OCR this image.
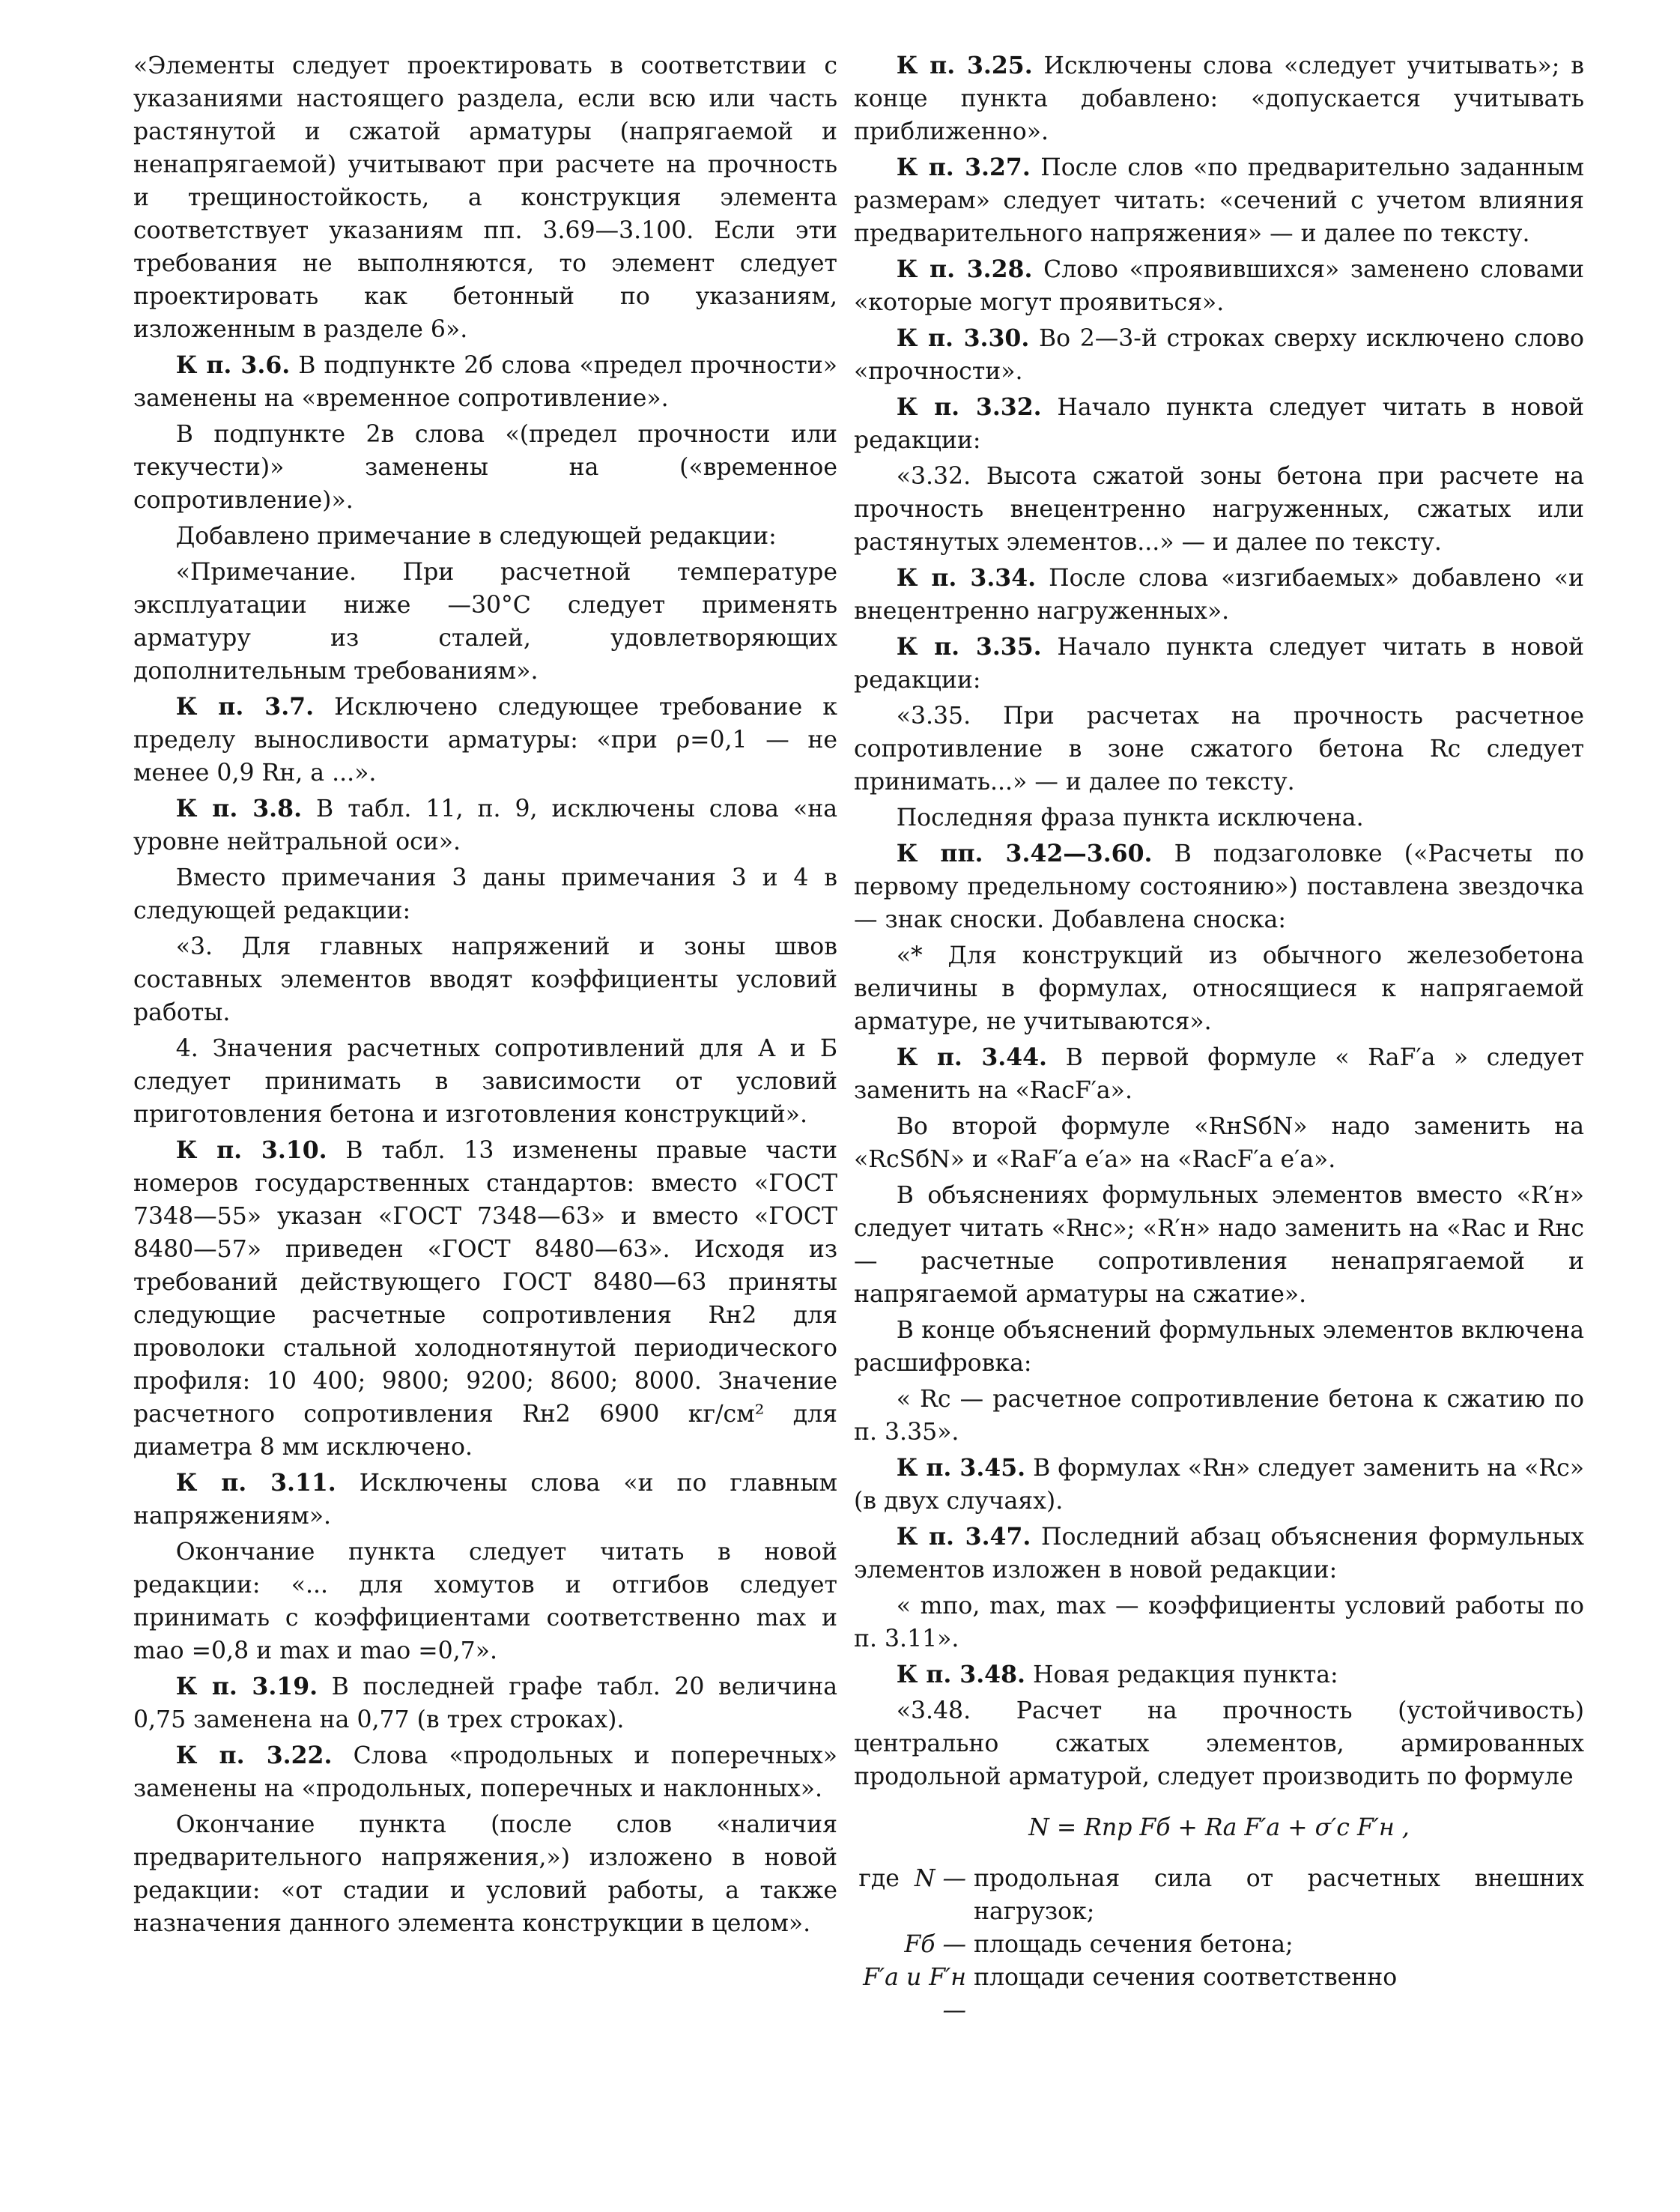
«Элементы следует проектировать в соответствии с указаниями настоящего раздела, если всю или часть растянутой и сжатой арматуры (напрягаемой и ненапрягаемой) учитывают при расчете на прочность и трещиностойкость, а конструкция элемента соответствует указаниям пп. 3.69—3.100. Если эти требования не выполняются, то элемент следует проектировать как бетонный по указаниям, изложенным в разделе 6».

К п. 3.6. В подпункте 2б слова «предел прочности» заменены на «временное сопротивление».

В подпункте 2в слова «(предел прочности или текучести)» заменены на («временное сопротивление)».

Добавлено примечание в следующей редакции:

«Примечание. При расчетной температуре эксплуатации ниже —30°С следует применять арматуру из сталей, удовлетворяющих дополнительным требованиям».

К п. 3.7. Исключено следующее требование к пределу выносливости арматуры: «при ρ=0,1 — не менее 0,9 Rн, а ...».

К п. 3.8. В табл. 11, п. 9, исключены слова «на уровне нейтральной оси».

Вместо примечания 3 даны примечания 3 и 4 в следующей редакции:

«3. Для главных напряжений и зоны швов составных элементов вводят коэффициенты условий работы.

4. Значения расчетных сопротивлений для А и Б следует принимать в зависимости от условий приготовления бетона и изготовления конструкций».

К п. 3.10. В табл. 13 изменены правые части номеров государственных стандартов: вместо «ГОСТ 7348—55» указан «ГОСТ 7348—63» и вместо «ГОСТ 8480—57» приведен «ГОСТ 8480—63». Исходя из требований действующего ГОСТ 8480—63 приняты следующие расчетные сопротивления Rн2 для проволоки стальной холоднотянутой периодического профиля: 10 400; 9800; 9200; 8600; 8000. Значение расчетного сопротивления Rн2 6900 кг/см² для диаметра 8 мм исключено.

К п. 3.11. Исключены слова «и по главным напряжениям».

Окончание пункта следует читать в новой редакции: «... для хомутов и отгибов следует принимать с коэффициентами соответственно mах и mао =0,8 и mах и mао =0,7».

К п. 3.19. В последней графе табл. 20 величина 0,75 заменена на 0,77 (в трех строках).

К п. 3.22. Слова «продольных и поперечных» заменены на «продольных, поперечных и наклонных».

Окончание пункта (после слов «наличия предварительного напряжения,») изложено в новой редакции: «от стадии и условий работы, а также назначения данного элемента конструкции в целом».

К п. 3.25. Исключены слова «следует учитывать»; в конце пункта добавлено: «допускается учитывать приближенно».

К п. 3.27. После слов «по предварительно заданным размерам» следует читать: «сечений с учетом влияния предварительного напряжения» — и далее по тексту.

К п. 3.28. Слово «проявившихся» заменено словами «которые могут проявиться».

К п. 3.30. Во 2—3-й строках сверху исключено слово «прочности».

К п. 3.32. Начало пункта следует читать в новой редакции:

«3.32. Высота сжатой зоны бетона при расчете на прочность внецентренно нагруженных, сжатых или растянутых элементов...» — и далее по тексту.

К п. 3.34. После слова «изгибаемых» добавлено «и внецентренно нагруженных».

К п. 3.35. Начало пункта следует читать в новой редакции:

«3.35. При расчетах на прочность расчетное сопротивление в зоне сжатого бетона Rс следует принимать...» — и далее по тексту.

Последняя фраза пункта исключена.

К пп. 3.42—3.60. В подзаголовке («Расчеты по первому предельному состоянию») поставлена звездочка — знак сноски. Добавлена сноска:

«* Для конструкций из обычного железобетона величины в формулах, относящиеся к напрягаемой арматуре, не учитываются».

К п. 3.44. В первой формуле « RаF′а » следует заменить на «RасF′а».

Во второй формуле «RнSбN» надо заменить на «RсSбN» и «RаF′а e′а» на «RасF′а e′а».

В объяснениях формульных элементов вместо «R′н» следует читать «Rнс»; «R′н» надо заменить на «Rас и Rнс — расчетные сопротивления ненапрягаемой и напрягаемой арматуры на сжатие».

В конце объяснений формульных элементов включена расшифровка:

« Rс — расчетное сопротивление бетона к сжатию по п. 3.35».

К п. 3.45. В формулах «Rн» следует заменить на «Rс» (в двух случаях).

К п. 3.47. Последний абзац объяснения формульных элементов изложен в новой редакции:

« mпо, mах, mах — коэффициенты условий работы по п. 3.11».

К п. 3.48. Новая редакция пункта:

«3.48. Расчет на прочность (устойчивость) центрально сжатых элементов, армированных продольной арматурой, следует производить по формуле

N = Rпр Fб + Rа F′а + σ′с F′н ,

где N — продольная сила от расчетных внешних нагрузок;
Fб — площадь сечения бетона;
F′а и F′н —
площади сечения соответственно
